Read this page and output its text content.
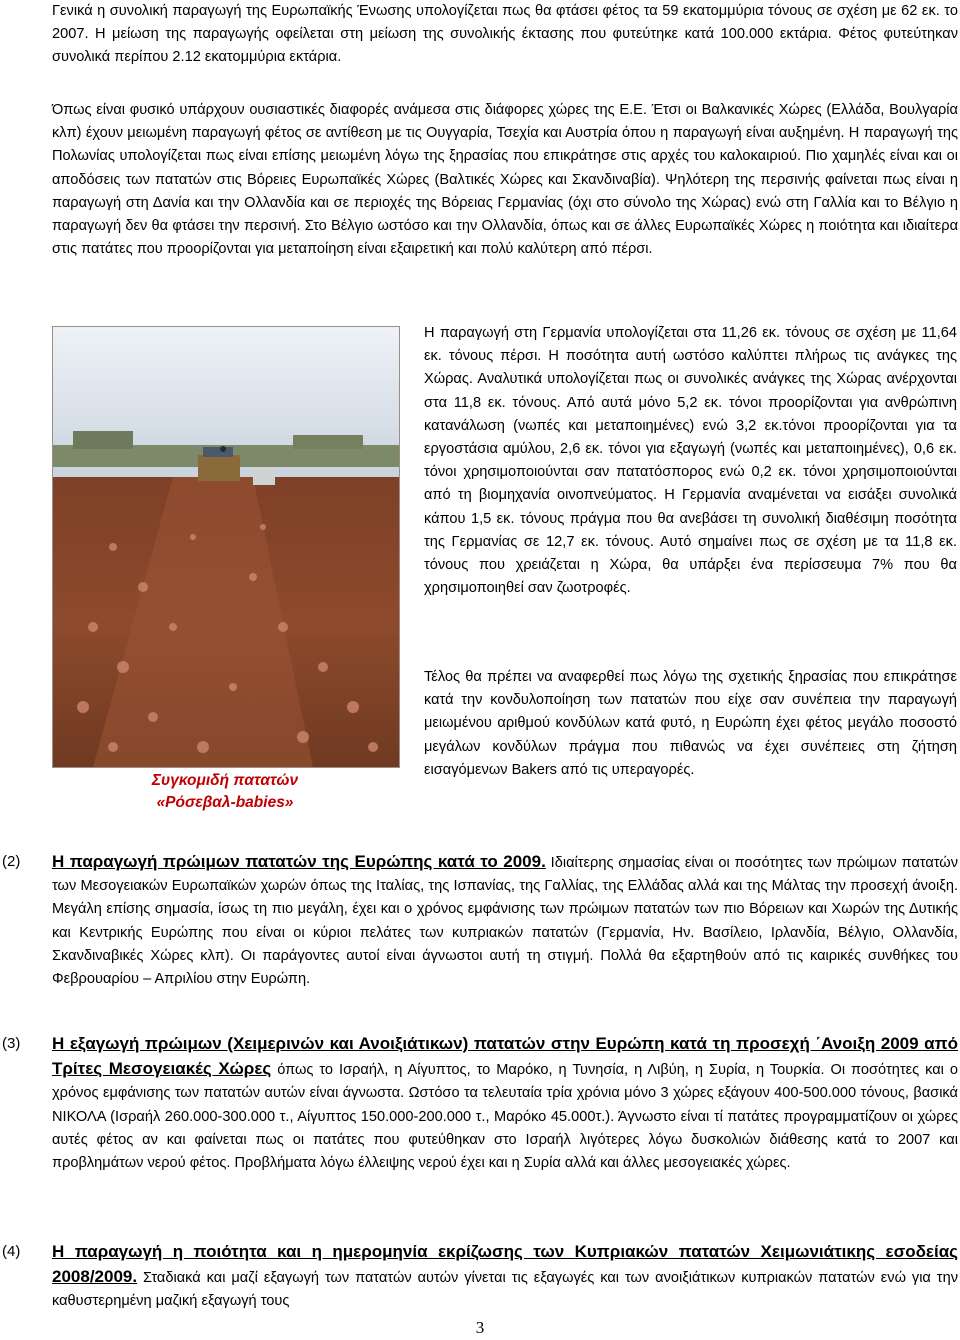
Γενικά η συνολική παραγωγή της Ευρωπαϊκής Ένωσης υπολογίζεται πως θα φτάσει φέτος τα 59 εκατομμύρια τόνους σε σχέση με 62 εκ. το 2007. Η μείωση της παραγωγής οφείλεται στη μείωση της συνολικής έκτασης που φυτεύτηκε κατά 100.000 εκτάρια. Φέτος φυτεύτηκαν συνολικά περίπου 2.12 εκατομμύρια εκτάρια.
Όπως είναι φυσικό υπάρχουν ουσιαστικές διαφορές ανάμεσα στις διάφορες χώρες της Ε.Ε. Έτσι οι Βαλκανικές Χώρες (Ελλάδα, Βουλγαρία κλπ) έχουν μειωμένη παραγωγή φέτος σε αντίθεση με τις Ουγγαρία, Τσεχία και Αυστρία όπου η παραγωγή είναι αυξημένη. Η παραγωγή της Πολωνίας υπολογίζεται πως είναι επίσης μειωμένη λόγω της ξηρασίας που επικράτησε στις αρχές του καλοκαιριού. Πιο χαμηλές είναι και οι αποδόσεις των πατατών στις Βόρειες Ευρωπαϊκές Χώρες (Βαλτικές Χώρες και Σκανδιναβία). Ψηλότερη της περσινής φαίνεται πως είναι η παραγωγή στη Δανία και την Ολλανδία και σε περιοχές της Βόρειας Γερμανίας (όχι στο σύνολο της Χώρας) ενώ στη Γαλλία και το Βέλγιο η παραγωγή δεν θα φτάσει την περσινή. Στο Βέλγιο ωστόσο και την Ολλανδία, όπως και σε άλλες Ευρωπαϊκές Χώρες η ποιότητα και ιδιαίτερα στις πατάτες που προορίζονται για μεταποίηση είναι εξαιρετική και πολύ καλύτερη από πέρσι.
Συγκομιδή πατατών
«Ρόσεβαλ-babies»
Η παραγωγή στη Γερμανία υπολογίζεται στα 11,26 εκ. τόνους σε σχέση με 11,64 εκ. τόνους πέρσι. Η ποσότητα αυτή ωστόσο καλύπτει πλήρως τις ανάγκες της Χώρας. Αναλυτικά υπολογίζεται πως οι συνολικές ανάγκες της Χώρας ανέρχονται στα 11,8 εκ. τόνους. Από αυτά μόνο 5,2 εκ. τόνοι προορίζονται για ανθρώπινη κατανάλωση (νωπές και μεταποιημένες) ενώ 3,2 εκ.τόνοι προορίζονται για τα εργοστάσια αμύλου, 2,6 εκ. τόνοι για εξαγωγή (νωπές και μεταποιημένες), 0,6 εκ. τόνοι χρησιμοποιούνται σαν πατατόσπορος ενώ 0,2 εκ. τόνοι χρησιμοποιούνται από τη βιομηχανία οινοπνεύματος. Η Γερμανία αναμένεται να εισάξει συνολικά κάπου 1,5 εκ. τόνους πράγμα που θα ανεβάσει τη συνολική διαθέσιμη ποσότητα της Γερμανίας σε 12,7 εκ. τόνους. Αυτό σημαίνει πως σε σχέση με τα 11,8 εκ. τόνους που χρειάζεται η Χώρα, θα υπάρξει ένα περίσσευμα 7% που θα χρησιμοποιηθεί σαν ζωοτροφές.
Τέλος θα πρέπει να αναφερθεί πως λόγω της σχετικής ξηρασίας που επικράτησε κατά την κονδυλοποίηση των πατατών που είχε σαν συνέπεια την παραγωγή μειωμένου αριθμού κονδύλων κατά φυτό, η Ευρώπη έχει φέτος μεγάλο ποσοστό μεγάλων κονδύλων πράγμα που πιθανώς να έχει συνέπειες στη ζήτηση εισαγόμενων Bakers από τις υπεραγορές.
(2) Η παραγωγή πρώιμων πατατών της Ευρώπης κατά το 2009. Ιδιαίτερης σημασίας είναι οι ποσότητες των πρώιμων πατατών των Μεσογειακών Ευρωπαϊκών χωρών όπως της Ιταλίας, της Ισπανίας, της Γαλλίας, της Ελλάδας αλλά και της Μάλτας την προσεχή άνοιξη. Μεγάλη επίσης σημασία, ίσως τη πιο μεγάλη, έχει και ο χρόνος εμφάνισης των πρώιμων πατατών των πιο Βόρειων και Χωρών της Δυτικής και Κεντρικής Ευρώπης που είναι οι κύριοι πελάτες των κυπριακών πατατών (Γερμανία, Ην. Βασίλειο, Ιρλανδία, Βέλγιο, Ολλανδία, Σκανδιναβικές Χώρες κλπ). Οι παράγοντες αυτοί είναι άγνωστοι αυτή τη στιγμή. Πολλά θα εξαρτηθούν από τις καιρικές συνθήκες του Φεβρουαρίου – Απριλίου στην Ευρώπη.
(3) Η εξαγωγή πρώιμων (Χειμερινών και Ανοιξιάτικων) πατατών στην Ευρώπη κατά τη προσεχή ΄Ανοιξη 2009 από Τρίτες Μεσογειακές Χώρες όπως το Ισραήλ, η Αίγυπτος, το Μαρόκο, η Τυνησία, η Λιβύη, η Συρία, η Τουρκία. Οι ποσότητες και ο χρόνος εμφάνισης των πατατών αυτών είναι άγνωστα. Ωστόσο τα τελευταία τρία χρόνια μόνο 3 χώρες εξάγουν 400-500.000 τόνους, βασικά ΝΙΚΟΛΑ (Ισραήλ 260.000-300.000 τ., Αίγυπτος 150.000-200.000 τ., Μαρόκο 45.000τ.). Άγνωστο είναι τί πατάτες προγραμματίζουν οι χώρες αυτές φέτος αν και φαίνεται πως οι πατάτες που φυτεύθηκαν στο Ισραήλ λιγότερες λόγω δυσκολιών διάθεσης κατά το 2007 και προβλημάτων νερού φέτος. Προβλήματα λόγω έλλειψης νερού έχει και η Συρία αλλά και άλλες μεσογειακές χώρες.
(4) Η παραγωγή η ποιότητα και η ημερομηνία εκρίζωσης των Κυπριακών πατατών Χειμωνιάτικης εσοδείας 2008/2009. Σταδιακά και μαζί εξαγωγή των πατατών αυτών γίνεται τις εξαγωγές και των ανοιξιάτικων κυπριακών πατατών ενώ για την καθυστερημένη μαζική εξαγωγή τους
3
